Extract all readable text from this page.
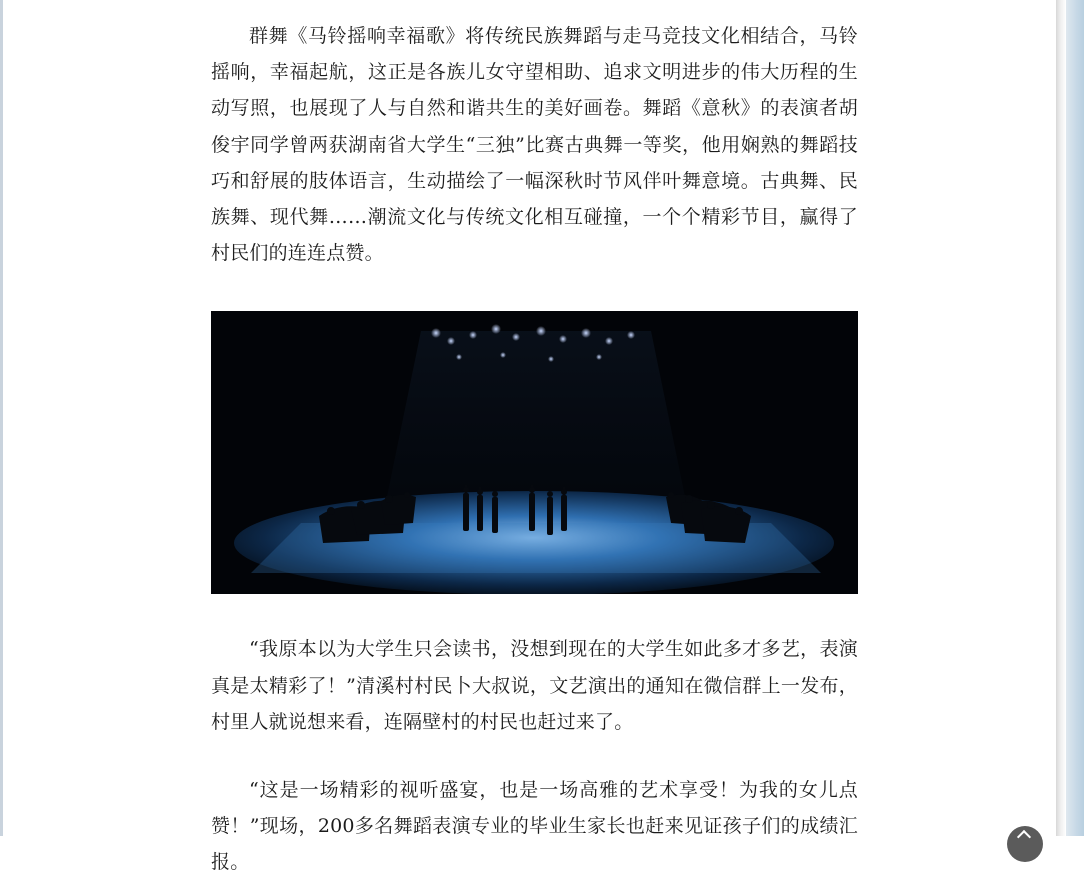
群舞《马铃摇响幸福歌》将传统民族舞蹈与走马竞技文化相结合，马铃摇响，幸福起航，这正是各族儿女守望相助、追求文明进步的伟大历程的生动写照，也展现了人与自然和谐共生的美好画卷。舞蹈《意秋》的表演者胡俊宇同学曾两获湖南省大学生“三独”比赛古典舞一等奖，他用娴熟的舞蹈技巧和舒展的肢体语言，生动描绘了一幅深秋时节风伴叶舞意境。古典舞、民族舞、现代舞……潮流文化与传统文化相互碰撞，一个个精彩节目，赢得了村民们的连连点赞。

“我原本以为大学生只会读书，没想到现在的大学生如此多才多艺，表演真是太精彩了！”清溪村村民卜大叔说，文艺演出的通知在微信群上一发布，村里人就说想来看，连隔壁村的村民也赶过来了。

“这是一场精彩的视听盛宴，也是一场高雅的艺术享受！为我的女儿点赞！”现场，200多名舞蹈表演专业的毕业生家长也赶来见证孩子们的成绩汇报。
